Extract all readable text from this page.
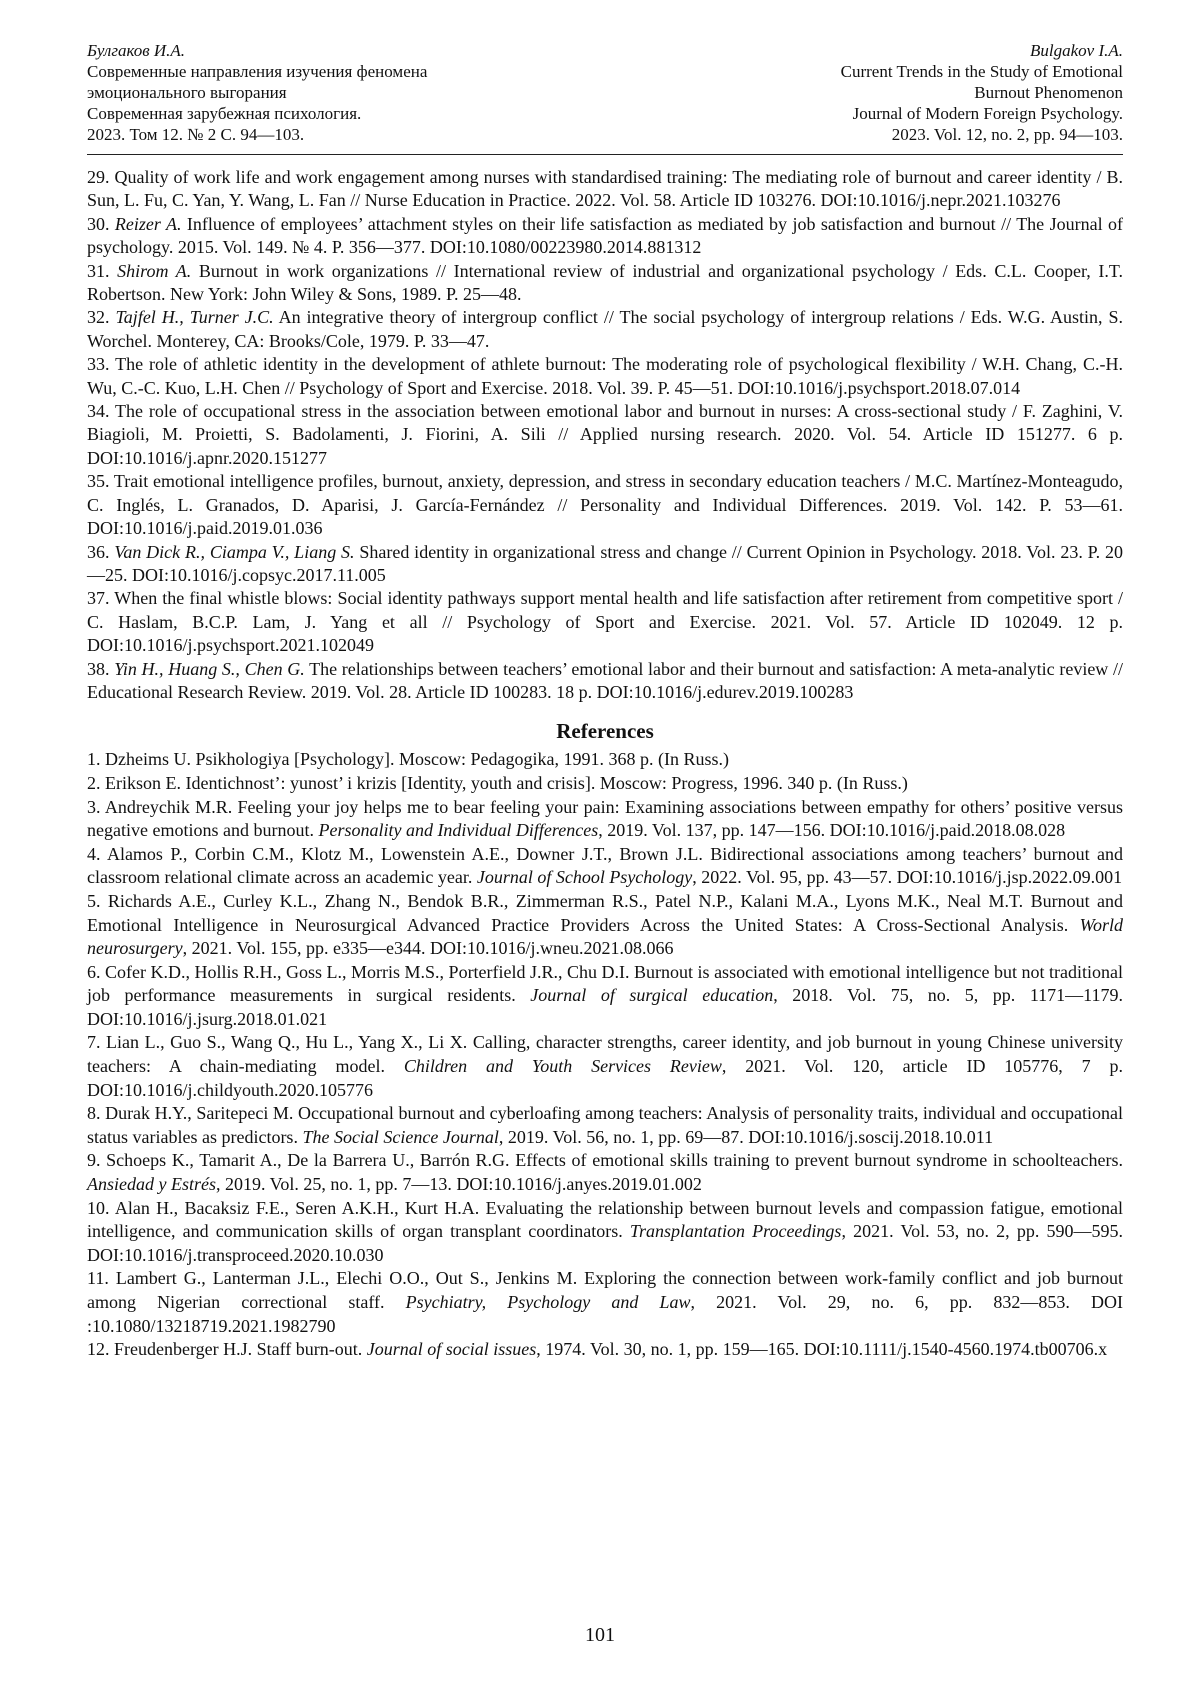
Булгаков И.А.
Современные направления изучения феномена
эмоционального выгорания
Современная зарубежная психология.
2023. Том 12. № 2 С. 94—103.
Bulgakov I.A.
Current Trends in the Study of Emotional
Burnout Phenomenon
Journal of Modern Foreign Psychology.
2023. Vol. 12, no. 2, pp. 94—103.
29. Quality of work life and work engagement among nurses with standardised training: The mediating role of burnout and career identity / B. Sun, L. Fu, C. Yan, Y. Wang, L. Fan // Nurse Education in Practice. 2022. Vol. 58. Article ID 103276. DOI:10.1016/j.nepr.2021.103276
30. Reizer A. Influence of employees’ attachment styles on their life satisfaction as mediated by job satisfaction and burnout // The Journal of psychology. 2015. Vol. 149. № 4. P. 356—377. DOI:10.1080/00223980.2014.881312
31. Shirom A. Burnout in work organizations // International review of industrial and organizational psychology / Eds. C.L. Cooper, I.T. Robertson. New York: John Wiley & Sons, 1989. P. 25—48.
32. Tajfel H., Turner J.C. An integrative theory of intergroup conflict // The social psychology of intergroup relations / Eds. W.G. Austin, S. Worchel. Monterey, CA: Brooks/Cole, 1979. P. 33—47.
33. The role of athletic identity in the development of athlete burnout: The moderating role of psychological flexibility / W.H. Chang, C.-H. Wu, C.-C. Kuo, L.H. Chen // Psychology of Sport and Exercise. 2018. Vol. 39. P. 45—51. DOI:10.1016/j.psychsport.2018.07.014
34. The role of occupational stress in the association between emotional labor and burnout in nurses: A cross-sectional study / F. Zaghini, V. Biagioli, M. Proietti, S. Badolamenti, J. Fiorini, A. Sili // Applied nursing research. 2020. Vol. 54. Article ID 151277. 6 p. DOI:10.1016/j.apnr.2020.151277
35. Trait emotional intelligence profiles, burnout, anxiety, depression, and stress in secondary education teachers / M.C. Martínez-Monteagudo, C. Inglés, L. Granados, D. Aparisi, J. García-Fernández // Personality and Individual Differences. 2019. Vol. 142. P. 53—61. DOI:10.1016/j.paid.2019.01.036
36. Van Dick R., Ciampa V., Liang S. Shared identity in organizational stress and change // Current Opinion in Psychology. 2018. Vol. 23. P. 20—25. DOI:10.1016/j.copsyc.2017.11.005
37. When the final whistle blows: Social identity pathways support mental health and life satisfaction after retirement from competitive sport / C. Haslam, B.C.P. Lam, J. Yang et all // Psychology of Sport and Exercise. 2021. Vol. 57. Article ID 102049. 12 p. DOI:10.1016/j.psychsport.2021.102049
38. Yin H., Huang S., Chen G. The relationships between teachers’ emotional labor and their burnout and satisfaction: A meta-analytic review // Educational Research Review. 2019. Vol. 28. Article ID 100283. 18 p. DOI:10.1016/j.edurev.2019.100283
References
1. Dzheims U. Psikhologiya [Psychology]. Moscow: Pedagogika, 1991. 368 p. (In Russ.)
2. Erikson E. Identichnost’: yunost’ i krizis [Identity, youth and crisis]. Moscow: Progress, 1996. 340 p. (In Russ.)
3. Andreychik M.R. Feeling your joy helps me to bear feeling your pain: Examining associations between empathy for others’ positive versus negative emotions and burnout. Personality and Individual Differences, 2019. Vol. 137, pp. 147—156. DOI:10.1016/j.paid.2018.08.028
4. Alamos P., Corbin C.M., Klotz M., Lowenstein A.E., Downer J.T., Brown J.L. Bidirectional associations among teachers’ burnout and classroom relational climate across an academic year. Journal of School Psychology, 2022. Vol. 95, pp. 43—57. DOI:10.1016/j.jsp.2022.09.001
5. Richards A.E., Curley K.L., Zhang N., Bendok B.R., Zimmerman R.S., Patel N.P., Kalani M.A., Lyons M.K., Neal M.T. Burnout and Emotional Intelligence in Neurosurgical Advanced Practice Providers Across the United States: A Cross-Sectional Analysis. World neurosurgery, 2021. Vol. 155, pp. e335—e344. DOI:10.1016/j.wneu.2021.08.066
6. Cofer K.D., Hollis R.H., Goss L., Morris M.S., Porterfield J.R., Chu D.I. Burnout is associated with emotional intelligence but not traditional job performance measurements in surgical residents. Journal of surgical education, 2018. Vol. 75, no. 5, pp. 1171—1179. DOI:10.1016/j.jsurg.2018.01.021
7. Lian L., Guo S., Wang Q., Hu L., Yang X., Li X. Calling, character strengths, career identity, and job burnout in young Chinese university teachers: A chain-mediating model. Children and Youth Services Review, 2021. Vol. 120, article ID 105776, 7 p. DOI:10.1016/j.childyouth.2020.105776
8. Durak H.Y., Saritepeci M. Occupational burnout and cyberloafing among teachers: Analysis of personality traits, individual and occupational status variables as predictors. The Social Science Journal, 2019. Vol. 56, no. 1, pp. 69—87. DOI:10.1016/j.soscij.2018.10.011
9. Schoeps K., Tamarit A., De la Barrera U., Barrón R.G. Effects of emotional skills training to prevent burnout syndrome in schoolteachers. Ansiedad y Estrés, 2019. Vol. 25, no. 1, pp. 7—13. DOI:10.1016/j.anyes.2019.01.002
10. Alan H., Bacaksiz F.E., Seren A.K.H., Kurt H.A. Evaluating the relationship between burnout levels and compassion fatigue, emotional intelligence, and communication skills of organ transplant coordinators. Transplantation Proceedings, 2021. Vol. 53, no. 2, pp. 590—595. DOI:10.1016/j.transproceed.2020.10.030
11. Lambert G., Lanterman J.L., Elechi O.O., Out S., Jenkins M. Exploring the connection between work-family conflict and job burnout among Nigerian correctional staff. Psychiatry, Psychology and Law, 2021. Vol. 29, no. 6, pp. 832—853. DOI :10.1080/13218719.2021.1982790
12. Freudenberger H.J. Staff burn-out. Journal of social issues, 1974. Vol. 30, no. 1, pp. 159—165. DOI:10.1111/j.1540-4560.1974.tb00706.x
101
